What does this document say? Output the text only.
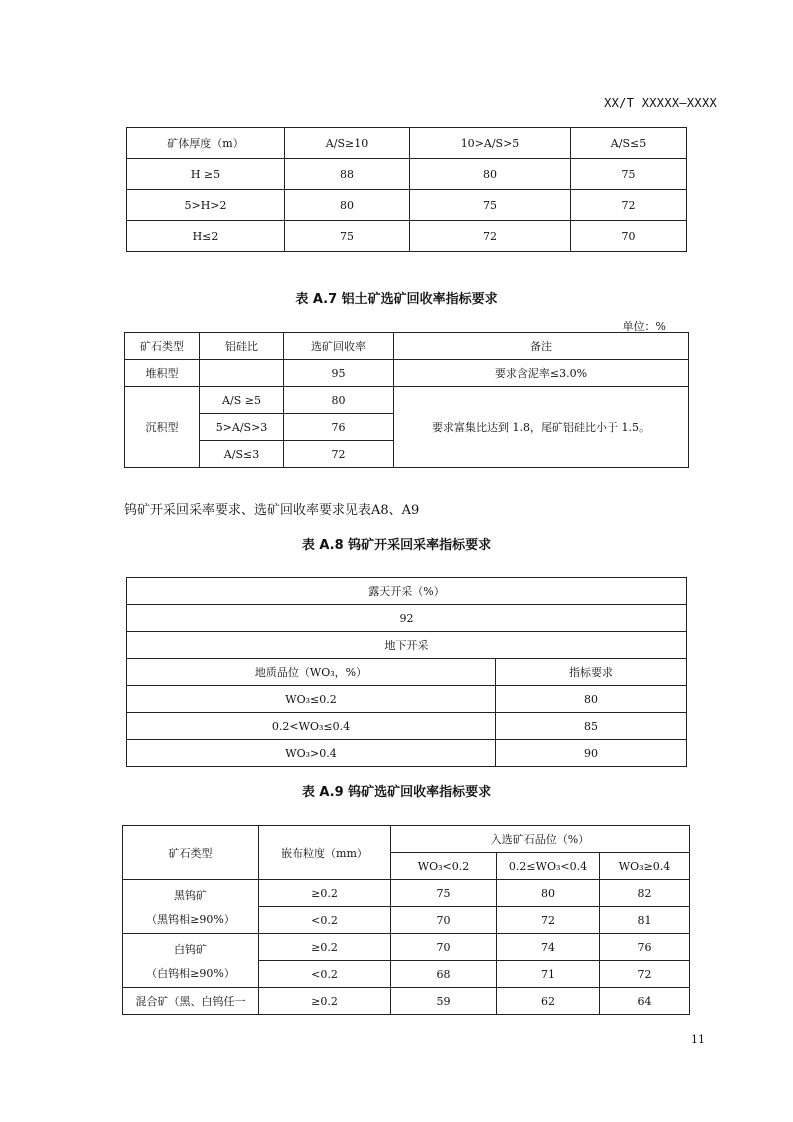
XX/T XXXXX—XXXX
矿体厚度（m）	A/S≥10	10>A/S>5	A/S≤5
H ≥5	88	80	75
5>H>2	80	75	72
H≤2	75	72	70
表 A.7 铝土矿选矿回收率指标要求
单位：%
矿石类型	铝硅比	选矿回收率	备注
堆积型		95	要求含泥率≤3.0%
沉积型	A/S ≥5	80	要求富集比达到 1.8，尾矿铝硅比小于 1.5。
	5>A/S>3	76	
	A/S≤3	72	
钨矿开采回采率要求、选矿回收率要求见表A8、A9
表 A.8 钨矿开采回采率指标要求
露天开采（%）	
92	
地下开采	
地质品位（WO₃，%）	指标要求
WO₃≤0.2	80
0.2<WO₃≤0.4	85
WO₃>0.4	90
表 A.9 钨矿选矿回收率指标要求
矿石类型	嵌布粒度（mm）	入选矿石品位（%）		
		WO₃<0.2	0.2≤WO₃<0.4	WO₃≥0.4

黑钨矿
（黑钨相≥90%）	≥0.2	75	80	82
	<0.2	70	72	81

白钨矿
（白钨相≥90%）	≥0.2	70	74	76
	<0.2	68	71	72
混合矿（黑、白钨任一	≥0.2	59	62	64
11
